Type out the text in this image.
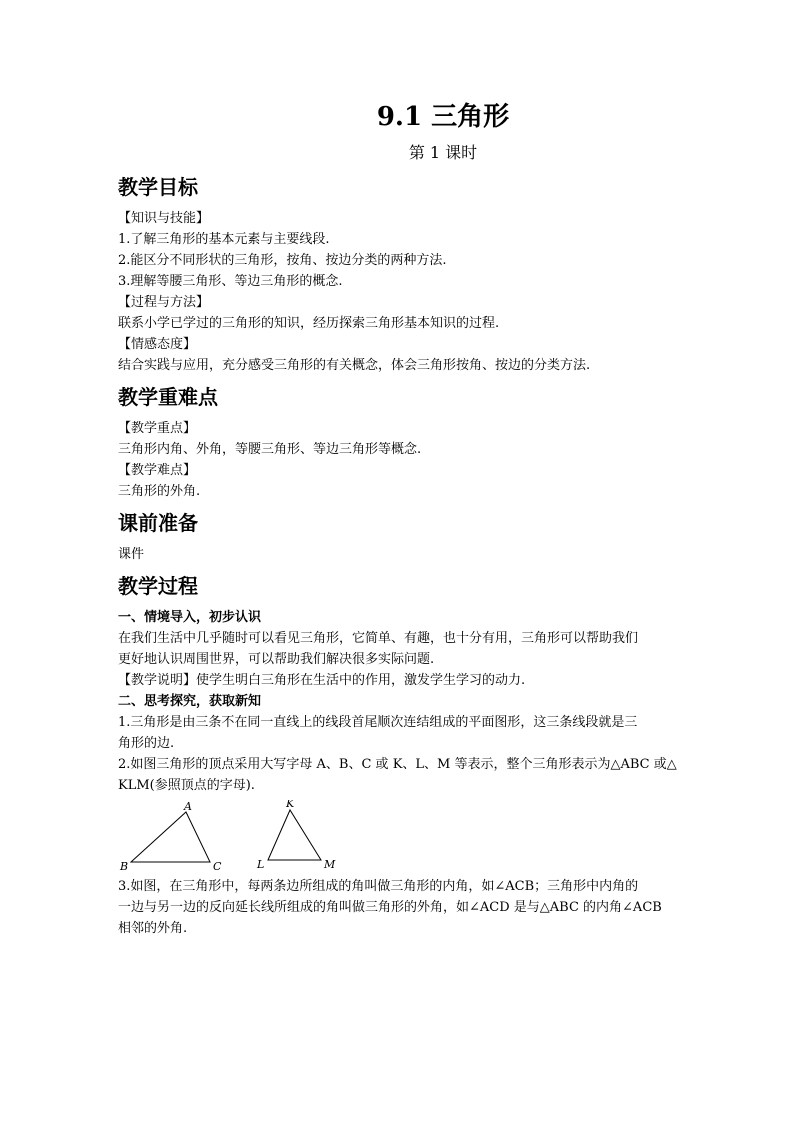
9.1 三角形
第 1 课时
教学目标

【知识与技能】

1.了解三角形的基本元素与主要线段.

2.能区分不同形状的三角形，按角、按边分类的两种方法.

3.理解等腰三角形、等边三角形的概念.

【过程与方法】

联系小学已学过的三角形的知识，经历探索三角形基本知识的过程.

【情感态度】

结合实践与应用，充分感受三角形的有关概念，体会三角形按角、按边的分类方法.

教学重难点

【教学重点】

三角形内角、外角，等腰三角形、等边三角形等概念.

【教学难点】

三角形的外角.

课前准备

课件

教学过程

一、情境导入，初步认识

在我们生活中几乎随时可以看见三角形，它简单、有趣，也十分有用，三角形可以帮助我们

更好地认识周围世界，可以帮助我们解决很多实际问题.

【教学说明】使学生明白三角形在生活中的作用，激发学生学习的动力.

二、思考探究，获取新知

1.三角形是由三条不在同一直线上的线段首尾顺次连结组成的平面图形，这三条线段就是三

角形的边.

2.如图三角形的顶点采用大写字母 A、B、C 或 K、L、M 等表示，整个三角形表示为△ABC 或△

KLM(参照顶点的字母).

A
B	C
K
L	M

3.如图，在三角形中，每两条边所组成的角叫做三角形的内角，如∠ACB；三角形中内角的

一边与另一边的反向延长线所组成的角叫做三角形的外角，如∠ACD 是与△ABC 的内角∠ACB

相邻的外角.
